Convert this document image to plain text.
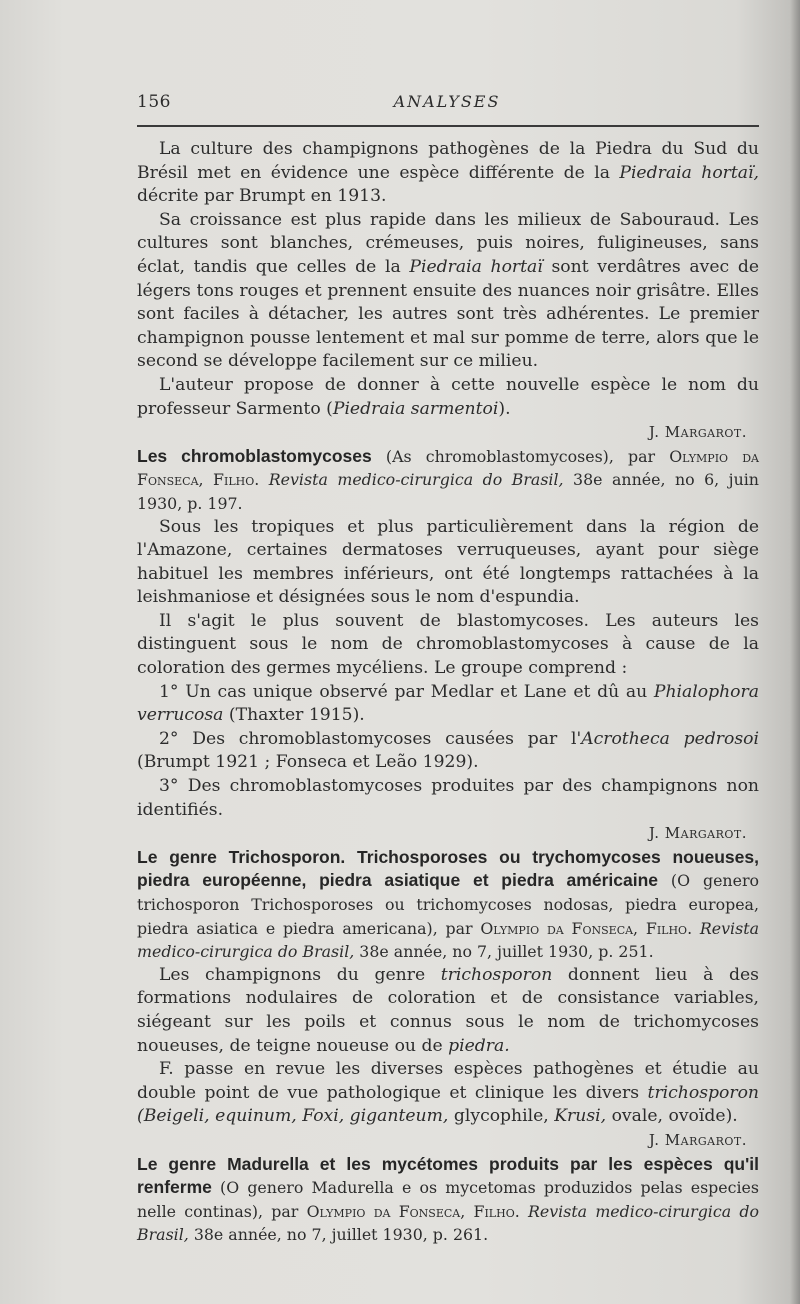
156	ANALYSES

La culture des champignons pathogènes de la Piedra du Sud du Brésil met en évidence une espèce différente de la Piedraia hortaï, décrite par Brumpt en 1913.

Sa croissance est plus rapide dans les milieux de Sabouraud. Les cultures sont blanches, crémeuses, puis noires, fuligineuses, sans éclat, tandis que celles de la Piedraia hortaï sont verdâtres avec de légers tons rouges et prennent ensuite des nuances noir grisâtre. Elles sont faciles à détacher, les autres sont très adhérentes. Le premier champignon pousse lentement et mal sur pomme de terre, alors que le second se développe facilement sur ce milieu.

L'auteur propose de donner à cette nouvelle espèce le nom du professeur Sarmento (Piedraia sarmentoi).

J. Margarot.

Les chromoblastomycoses (As chromoblastomycoses), par Olympio da Fonseca, Filho. Revista medico-cirurgica do Brasil, 38e année, no 6, juin 1930, p. 197.

Sous les tropiques et plus particulièrement dans la région de l'Amazone, certaines dermatoses verruqueuses, ayant pour siège habituel les membres inférieurs, ont été longtemps rattachées à la leishmaniose et désignées sous le nom d'espundia.

Il s'agit le plus souvent de blastomycoses. Les auteurs les distinguent sous le nom de chromoblastomycoses à cause de la coloration des germes mycéliens. Le groupe comprend :

1° Un cas unique observé par Medlar et Lane et dû au Phialophora verrucosa (Thaxter 1915).

2° Des chromoblastomycoses causées par l'Acrotheca pedrosoi (Brumpt 1921 ; Fonseca et Leão 1929).

3° Des chromoblastomycoses produites par des champignons non identifiés.

J. Margarot.

Le genre Trichosporon. Trichosporoses ou trychomycoses noueuses, piedra européenne, piedra asiatique et piedra américaine (O genero trichosporon Trichosporoses ou trichomycoses nodosas, piedra europea, piedra asiatica e piedra americana), par Olympio da Fonseca, Filho. Revista medico-cirurgica do Brasil, 38e année, no 7, juillet 1930, p. 251.

Les champignons du genre trichosporon donnent lieu à des formations nodulaires de coloration et de consistance variables, siégeant sur les poils et connus sous le nom de trichomycoses noueuses, de teigne noueuse ou de piedra.

F. passe en revue les diverses espèces pathogènes et étudie au double point de vue pathologique et clinique les divers trichosporon (Beigeli, equinum, Foxi, giganteum, glycophile, Krusi, ovale, ovoïde).

J. Margarot.

Le genre Madurella et les mycétomes produits par les espèces qu'il renferme (O genero Madurella e os mycetomas produzidos pelas especies nelle continas), par Olympio da Fonseca, Filho. Revista medico-cirurgica do Brasil, 38e année, no 7, juillet 1930, p. 261.
